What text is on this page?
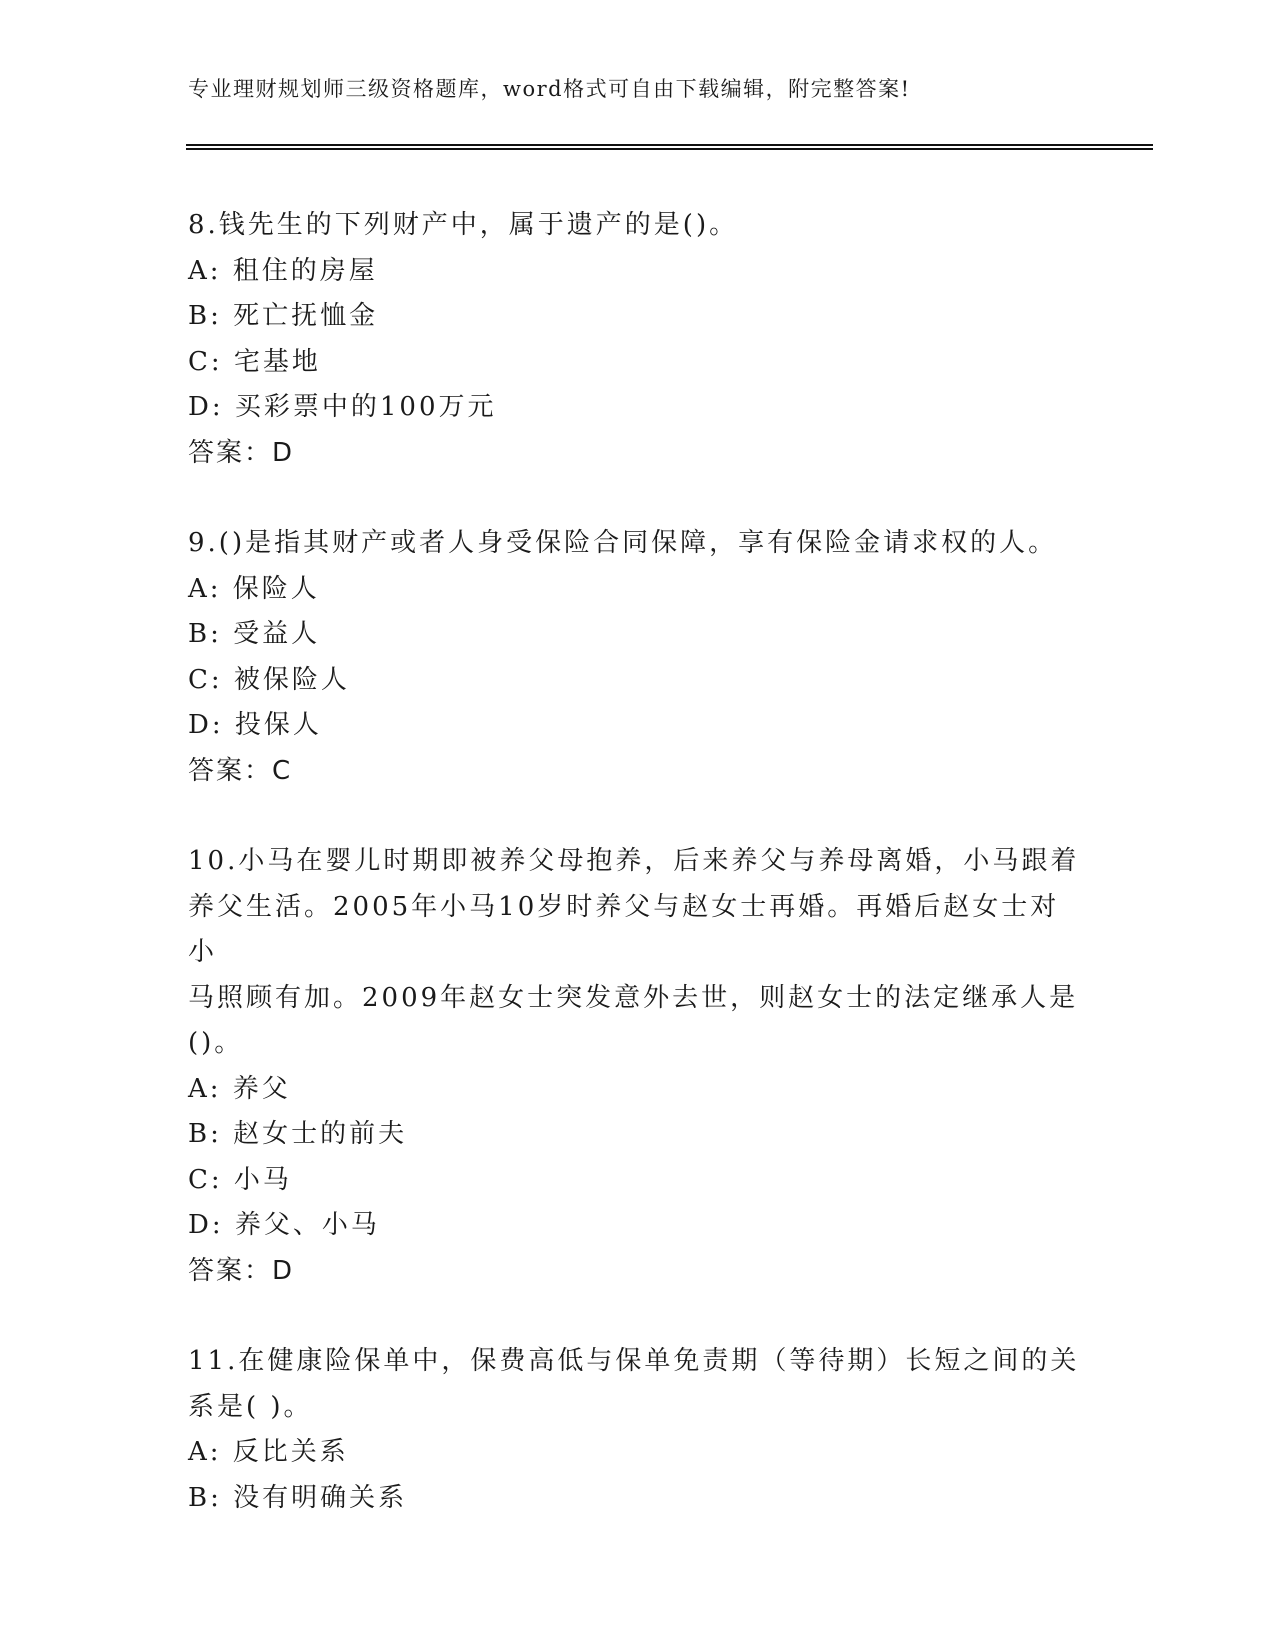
专业理财规划师三级资格题库，word格式可自由下载编辑，附完整答案!
8.钱先生的下列财产中，属于遗产的是()。
A: 租住的房屋
B: 死亡抚恤金
C: 宅基地
D: 买彩票中的100万元
答案：D
9.()是指其财产或者人身受保险合同保障，享有保险金请求权的人。
A: 保险人
B: 受益人
C: 被保险人
D: 投保人
答案：C
10.小马在婴儿时期即被养父母抱养，后来养父与养母离婚，小马跟着
养父生活。2005年小马10岁时养父与赵女士再婚。再婚后赵女士对小
马照顾有加。2009年赵女士突发意外去世，则赵女士的法定继承人是
()。
A: 养父
B: 赵女士的前夫
C: 小马
D: 养父、小马
答案：D
11.在健康险保单中，保费高低与保单免责期（等待期）长短之间的关
系是( )。
A: 反比关系
B: 没有明确关系
